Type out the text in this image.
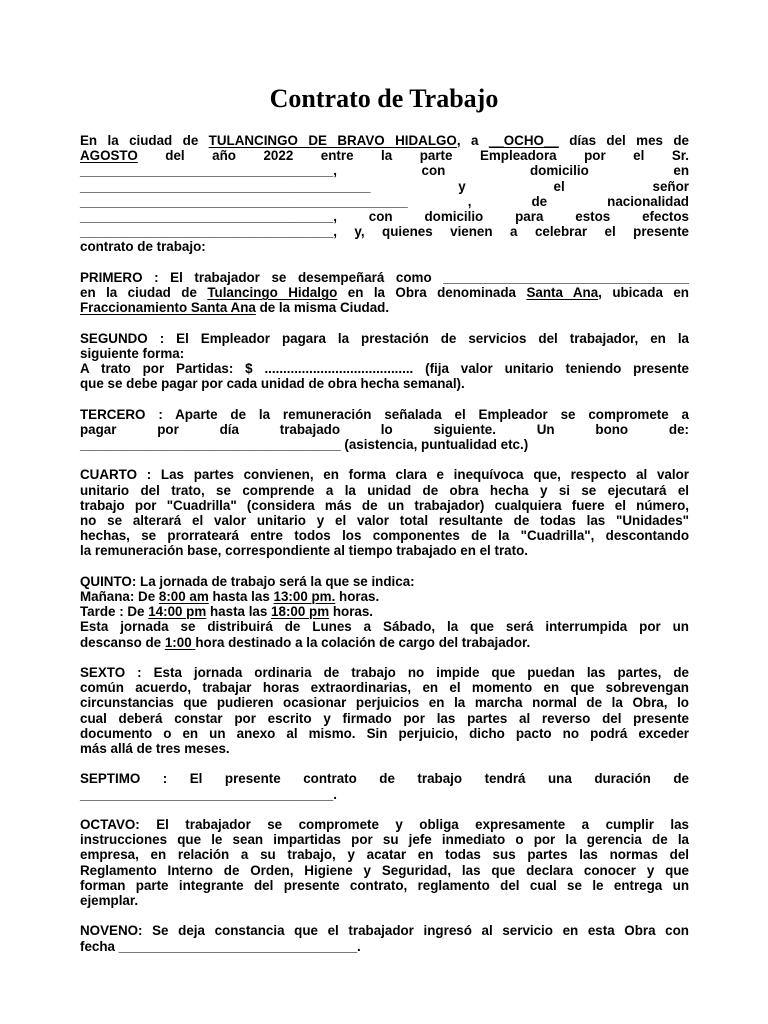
Contrato de Trabajo
En la ciudad de TULANCINGO DE BRAVO HIDALGO, a __OCHO__ días del mes de
AGOSTO del año 2022 entre la parte Empleadora por el Sr.
__________________________________, con domicilio en
_______________________________________ y el señor
____________________________________________ , de nacionalidad
__________________________________, con domicilio para estos efectos
__________________________________, y, quienes vienen a celebrar el presente
contrato de trabajo:
PRIMERO : El trabajador se desempeñará como _________________________________
en la ciudad de Tulancingo Hidalgo en la Obra denominada Santa Ana, ubicada en
Fraccionamiento Santa Ana de la misma Ciudad.
SEGUNDO : El Empleador pagara la prestación de servicios del trabajador, en la
siguiente forma:
A trato por Partidas: $ ........................................ (fija valor unitario teniendo presente
que se debe pagar por cada unidad de obra hecha semanal).
TERCERO : Aparte de la remuneración señalada el Empleador se compromete a
pagar por día trabajado lo siguiente. Un bono de:
___________________________________ (asistencia, puntualidad etc.)
CUARTO : Las partes convienen, en forma clara e inequívoca que, respecto al valor
unitario del trato, se comprende a la unidad de obra hecha y si se ejecutará el
trabajo por "Cuadrilla" (considera más de un trabajador) cualquiera fuere el número,
no se alterará el valor unitario y el valor total resultante de todas las "Unidades"
hechas, se prorrateará entre todos los componentes de la "Cuadrilla", descontando
la remuneración base, correspondiente al tiempo trabajado en el trato.
QUINTO: La jornada de trabajo será la que se indica:
Mañana: De 8:00 am hasta las 13:00 pm. horas.
Tarde : De 14:00 pm hasta las 18:00 pm horas.
Esta jornada se distribuirá de Lunes a Sábado, la que será interrumpida por un
descanso de 1:00 hora destinado a la colación de cargo del trabajador.
SEXTO : Esta jornada ordinaria de trabajo no impide que puedan las partes, de
común acuerdo, trabajar horas extraordinarias, en el momento en que sobrevengan
circunstancias que pudieren ocasionar perjuicios en la marcha normal de la Obra, lo
cual deberá constar por escrito y firmado por las partes al reverso del presente
documento o en un anexo al mismo. Sin perjuicio, dicho pacto no podrá exceder
más allá de tres meses.
SEPTIMO : El presente contrato de trabajo tendrá una duración de
__________________________________.
OCTAVO: El trabajador se compromete y obliga expresamente a cumplir las
instrucciones que le sean impartidas por su jefe inmediato o por la gerencia de la
empresa, en relación a su trabajo, y acatar en todas sus partes las normas del
Reglamento Interno de Orden, Higiene y Seguridad, las que declara conocer y que
forman parte integrante del presente contrato, reglamento del cual se le entrega un
ejemplar.
NOVENO: Se deja constancia que el trabajador ingresó al servicio en esta Obra con
fecha ________________________________.
